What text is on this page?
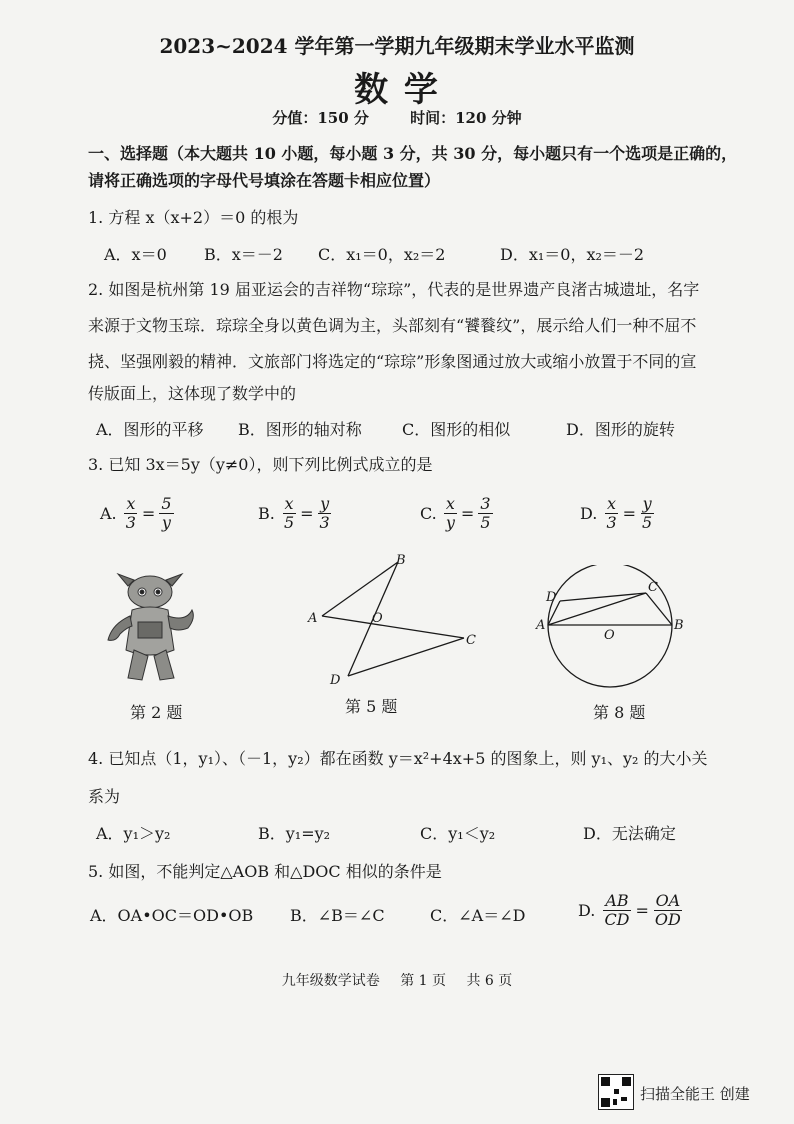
2023~2024 学年第一学期九年级期末学业水平监测
数 学
分值：150 分	时间：120 分钟
一、选择题（本大题共 10 小题，每小题 3 分，共 30 分，每小题只有一个选项是正确的，
请将正确选项的字母代号填涂在答题卡相应位置）
1. 方程 x（x+2）＝0 的根为
A．x＝0 B．x＝－2 C．x₁＝0，x₂＝2	D．x₁＝0，x₂＝－2
2. 如图是杭州第 19 届亚运会的吉祥物“琮琮”，代表的是世界遗产良渚古城遗址，名字
来源于文物玉琮．琮琮全身以黄色调为主，头部刻有“饕餮纹”，展示给人们一种不屈不
挠、坚强刚毅的精神．文旅部门将选定的“琮琮”形象图通过放大或缩小放置于不同的宣
传版面上，这体现了数学中的
A．图形的平移 B．图形的轴对称	C．图形的相似	D．图形的旋转
3. 已知 3x＝5y（y≠0），则下列比例式成立的是
A. $\frac{x}{3} = \frac{5}{y}$	B. $\frac{x}{5} = \frac{y}{3}$	C. $\frac{x}{y} = \frac{3}{5}$	D. $\frac{x}{3} = \frac{y}{5}$
第 2 题
A
B
C
D
O
第 5 题
A	B
C
D
O
第 8 题
4. 已知点（1，y₁）、（－1，y₂）都在函数 y＝x²+4x+5 的图象上，则 y₁、y₂ 的大小关
系为
A．y₁＞y₂	B．y₁=y₂	C．y₁＜y₂	D．无法确定
5. 如图，不能判定△AOB 和△DOC 相似的条件是
A．OA•OC＝OD•OB B．∠B＝∠C	C．∠A＝∠D	D. $\frac{AB}{CD} = \frac{OA}{OD}$
九年级数学试卷 第 1 页 共 6 页
扫描全能王 创建
